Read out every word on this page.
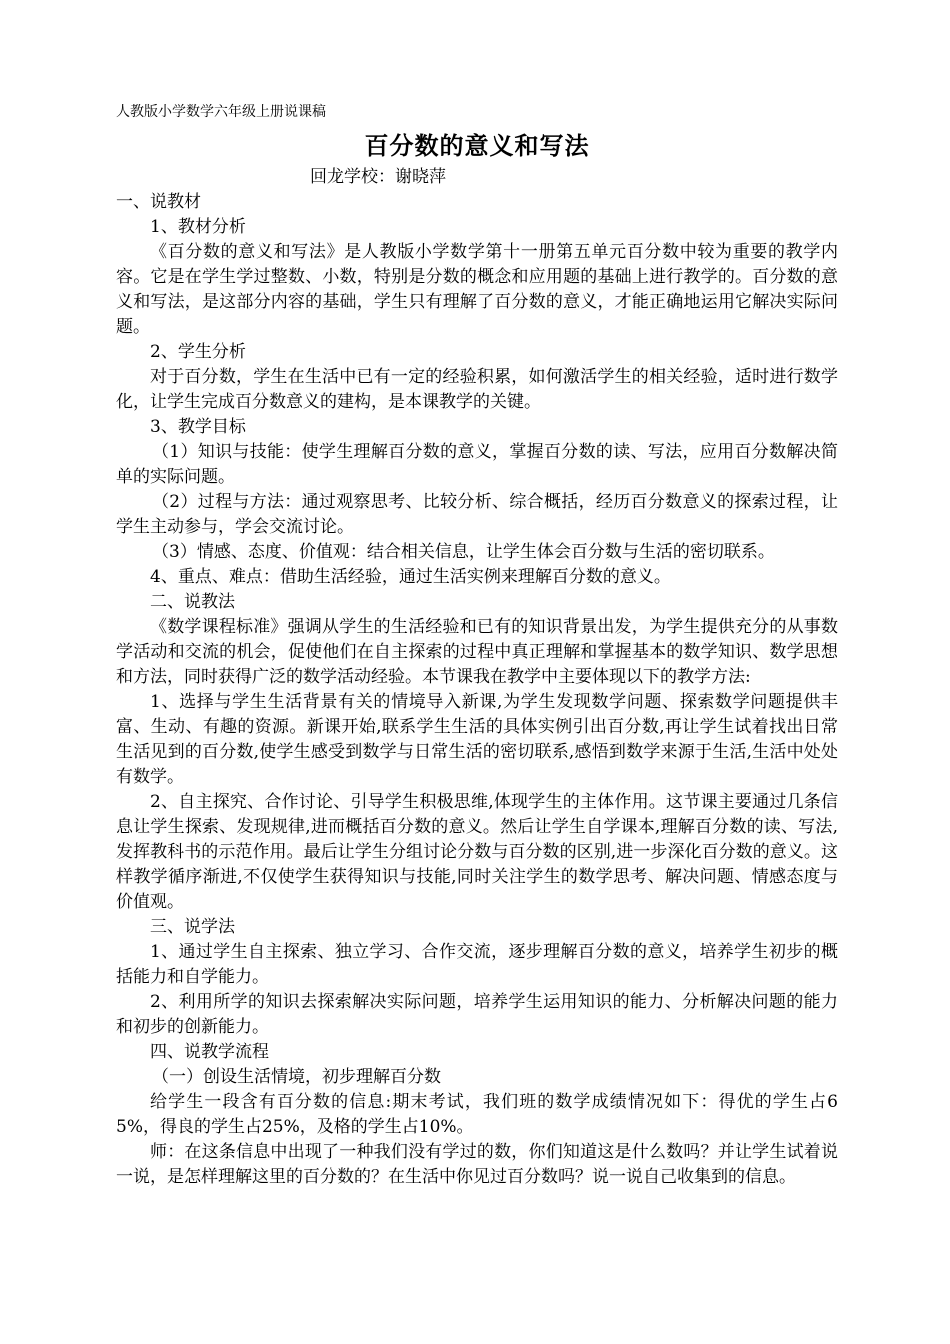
人教版小学数学六年级上册说课稿

百分数的意义和写法

回龙学校：谢晓萍

一、说教材

1、教材分析

《百分数的意义和写法》是人教版小学数学第十一册第五单元百分数中较为重要的教学内容。它是在学生学过整数、小数，特别是分数的概念和应用题的基础上进行教学的。百分数的意义和写法，是这部分内容的基础，学生只有理解了百分数的意义，才能正确地运用它解决实际问题。

2、学生分析

对于百分数，学生在生活中已有一定的经验积累，如何激活学生的相关经验，适时进行数学化，让学生完成百分数意义的建构，是本课教学的关键。

3、教学目标

（1）知识与技能：使学生理解百分数的意义，掌握百分数的读、写法，应用百分数解决简单的实际问题。

（2）过程与方法：通过观察思考、比较分析、综合概括，经历百分数意义的探索过程，让学生主动参与，学会交流讨论。

（3）情感、态度、价值观：结合相关信息，让学生体会百分数与生活的密切联系。

4、重点、难点：借助生活经验，通过生活实例来理解百分数的意义。

二、说教法

《数学课程标准》强调从学生的生活经验和已有的知识背景出发，为学生提供充分的从事数学活动和交流的机会，促使他们在自主探索的过程中真正理解和掌握基本的数学知识、数学思想和方法，同时获得广泛的数学活动经验。本节课我在教学中主要体现以下的教学方法:

1、选择与学生生活背景有关的情境导入新课,为学生发现数学问题、探索数学问题提供丰富、生动、有趣的资源。新课开始,联系学生生活的具体实例引出百分数,再让学生试着找出日常生活见到的百分数,使学生感受到数学与日常生活的密切联系,感悟到数学来源于生活,生活中处处有数学。

2、自主探究、合作讨论、引导学生积极思维,体现学生的主体作用。这节课主要通过几条信息让学生探索、发现规律,进而概括百分数的意义。然后让学生自学课本,理解百分数的读、写法,发挥教科书的示范作用。最后让学生分组讨论分数与百分数的区别,进一步深化百分数的意义。这样教学循序渐进,不仅使学生获得知识与技能,同时关注学生的数学思考、解决问题、情感态度与价值观。

三、说学法

1、通过学生自主探索、独立学习、合作交流，逐步理解百分数的意义，培养学生初步的概括能力和自学能力。

2、利用所学的知识去探索解决实际问题，培养学生运用知识的能力、分析解决问题的能力和初步的创新能力。

四、说教学流程

（一）创设生活情境，初步理解百分数

给学生一段含有百分数的信息:期末考试，我们班的数学成绩情况如下：得优的学生占65%，得良的学生占25%，及格的学生占10%。

师：在这条信息中出现了一种我们没有学过的数，你们知道这是什么数吗？并让学生试着说一说，是怎样理解这里的百分数的？在生活中你见过百分数吗？说一说自己收集到的信息。
